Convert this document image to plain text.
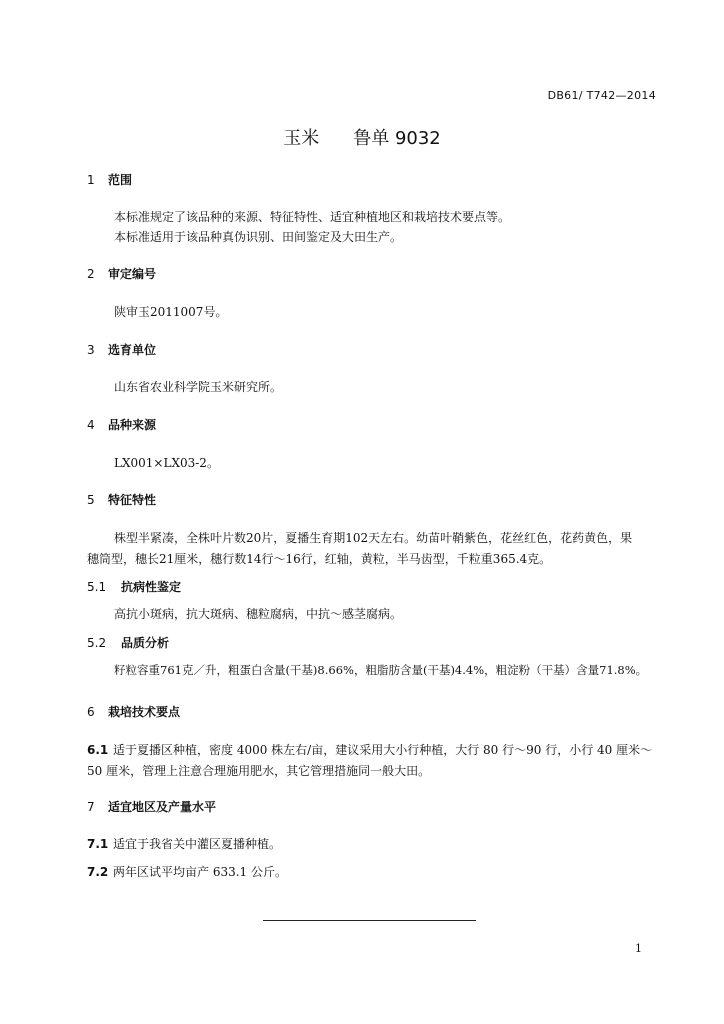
DB61/ T742—2014
玉米 鲁单 9032
1 范围
本标准规定了该品种的来源、特征特性、适宜种植地区和栽培技术要点等。
本标准适用于该品种真伪识别、田间鉴定及大田生产。
2 审定编号
陕审玉2011007号。
3 选育单位
山东省农业科学院玉米研究所。
4 品种来源
LX001×LX03-2。
5 特征特性
株型半紧凑，全株叶片数20片，夏播生育期102天左右。幼苗叶鞘紫色，花丝红色，花药黄色，果
穗筒型，穗长21厘米，穗行数14行～16行，红轴，黄粒，半马齿型，千粒重365.4克。
5.1 抗病性鉴定
高抗小斑病，抗大斑病、穗粒腐病，中抗～感茎腐病。
5.2 品质分析
籽粒容重761克／升，粗蛋白含量(干基)8.66%，粗脂肪含量(干基)4.4%，粗淀粉（干基）含量71.8%。
6 栽培技术要点
6.1 适于夏播区种植，密度 4000 株左右/亩，建议采用大小行种植，大行 80 行～90 行，小行 40 厘米～
50 厘米，管理上注意合理施用肥水，其它管理措施同一般大田。
7 适宜地区及产量水平
7.1 适宜于我省关中灌区夏播种植。
7.2 两年区试平均亩产 633.1 公斤。
1
